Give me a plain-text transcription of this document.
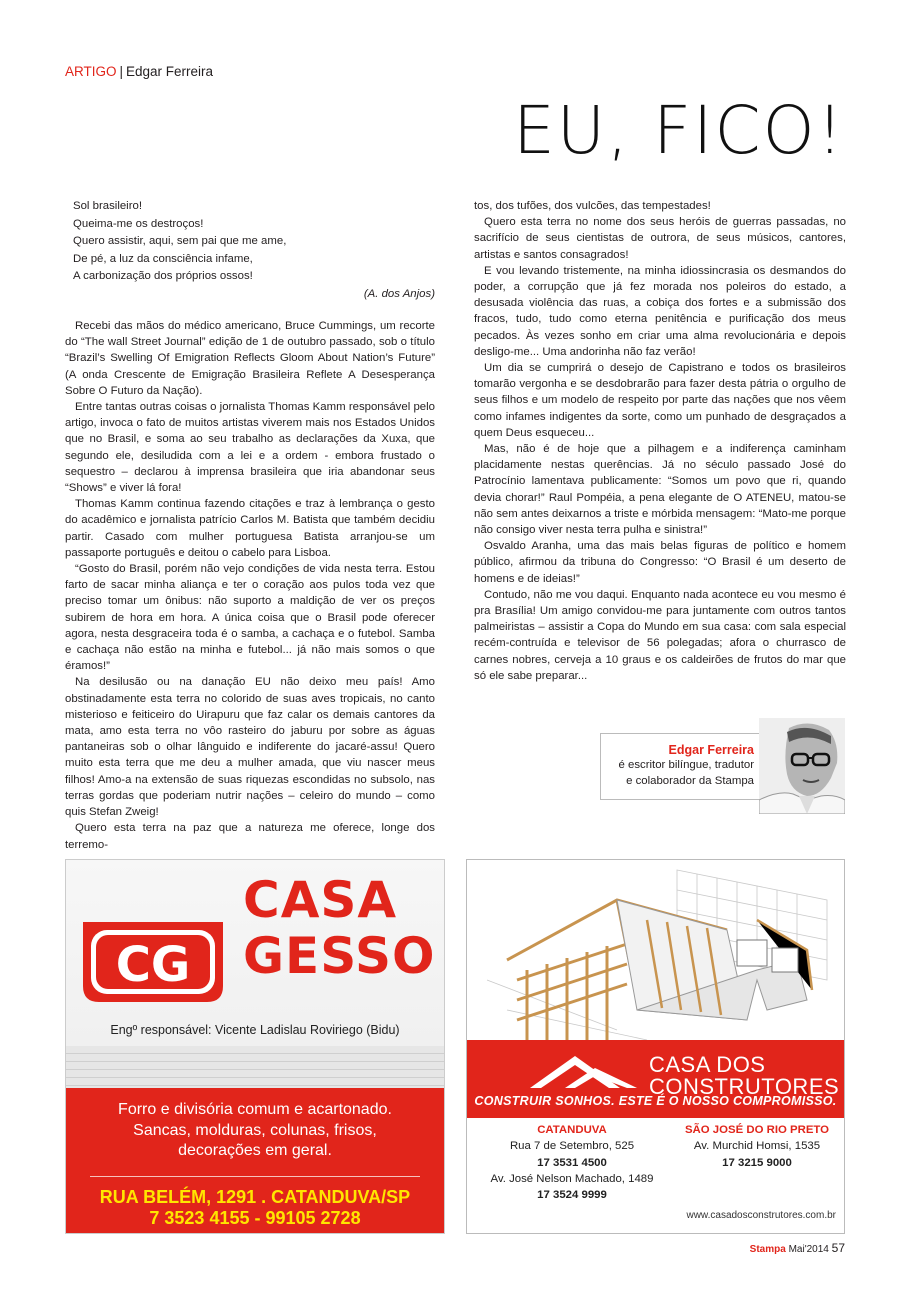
ARTIGO | Edgar Ferreira
EU, FICO!
Sol brasileiro!
Queima-me os destroços!
Quero assistir, aqui, sem pai que me ame,
De pé, a luz da consciência infame,
A carbonização dos próprios ossos!
(A. dos Anjos)

Recebi das mãos do médico americano, Bruce Cummings, um recorte do “The wall Street Journal” edição de 1 de outubro passado, sob o título “Brazil’s Swelling Of Emigration Reflects Gloom About Nation’s Future” (A onda Crescente de Emigração Brasileira Reflete A Desesperança Sobre O Futuro da Nação).

Entre tantas outras coisas o jornalista Thomas Kamm responsável pelo artigo, invoca o fato de muitos artistas viverem mais nos Estados Unidos que no Brasil, e soma ao seu trabalho as declarações da Xuxa, que segundo ele, desiludida com a lei e a ordem - embora frustado o sequestro – declarou à imprensa brasileira que iria abandonar seus “Shows” e viver lá fora!

Thomas Kamm continua fazendo citações e traz à lembrança o gesto do acadêmico e jornalista patrício Carlos M. Batista que também decidiu partir. Casado com mulher portuguesa Batista arranjou-se um passaporte português e deitou o cabelo para Lisboa.

“Gosto do Brasil, porém não vejo condições de vida nesta terra. Estou farto de sacar minha aliança e ter o coração aos pulos toda vez que preciso tomar um ônibus: não suporto a maldição de ver os preços subirem de hora em hora. A única coisa que o Brasil pode oferecer agora, nesta desgraceira toda é o samba, a cachaça e o futebol. Samba e cachaça não estão na minha e futebol... já não mais somos o que éramos!”

Na desilusão ou na danação EU não deixo meu país! Amo obstinadamente esta terra no colorido de suas aves tropicais, no canto misterioso e feiticeiro do Uirapuru que faz calar os demais cantores da mata, amo esta terra no vôo rasteiro do jaburu por sobre as águas pantaneiras sob o olhar lânguido e indiferente do jacaré-assu! Quero muito esta terra que me deu a mulher amada, que viu nascer meus filhos! Amo-a na extensão de suas riquezas escondidas no subsolo, nas terras gordas que poderiam nutrir nações – celeiro do mundo – como quis Stefan Zweig!

Quero esta terra na paz que a natureza me oferece, longe dos terremo-

tos, dos tufões, dos vulcões, das tempestades!

Quero esta terra no nome dos seus heróis de guerras passadas, no sacrifício de seus cientistas de outrora, de seus músicos, cantores, artistas e santos consagrados!

E vou levando tristemente, na minha idiossincrasia os desmandos do poder, a corrupção que já fez morada nos poleiros do estado, a desusada violência das ruas, a cobiça dos fortes e a submissão dos fracos, tudo, tudo como eterna penitência e purificação dos meus pecados. Às vezes sonho em criar uma alma revolucionária e depois desligo-me... Uma andorinha não faz verão!

Um dia se cumprirá o desejo de Capistrano e todos os brasileiros tomarão vergonha e se desdobrarão para fazer desta pátria o orgulho de seus filhos e um modelo de respeito por parte das nações que nos vêem como infames indigentes da sorte, como um punhado de desgraçados a quem Deus esqueceu...

Mas, não é de hoje que a pilhagem e a indiferença caminham placidamente nestas querências. Já no século passado José do Patrocínio lamentava publicamente: “Somos um povo que ri, quando devia chorar!” Raul Pompéia, a pena elegante de O ATENEU, matou-se não sem antes deixarnos a triste e mórbida mensagem: “Mato-me porque não consigo viver nesta terra pulha e sinistra!”

Osvaldo Aranha, uma das mais belas figuras de político e homem público, afirmou da tribuna do Congresso: “O Brasil é um deserto de homens e de ideias!”

Contudo, não me vou daqui. Enquanto nada acontece eu vou mesmo é pra Brasília! Um amigo convidou-me para juntamente com outros tantos palmeiristas – assistir a Copa do Mundo em sua casa: com sala especial recém-contruída e televisor de 56 polegadas; afora o churrasco de carnes nobres, cerveja a 10 graus e os caldeirões de frutos do mar que só ele sabe preparar...

Edgar Ferreira
é escritor bilíngue, tradutor
e colaborador da Stampa
CG
CASA
GESSO
Engº responsável: Vicente Ladislau Roviriego (Bidu)
Forro e divisória comum e acartonado.
Sancas, molduras, colunas, frisos,
decorações em geral.
RUA BELÉM, 1291 . CATANDUVA/SP
7 3523 4155 - 99105 2728
CASA DOS
CONSTRUTORES
CONSTRUIR SONHOS. ESTE É O NOSSO COMPROMISSO.
CATANDUVA
Rua 7 de Setembro, 525
17 3531 4500
Av. José Nelson Machado, 1489
17 3524 9999
SÃO JOSÉ DO RIO PRETO
Av. Murchid Homsi, 1535
17 3215 9000
www.casadosconstrutores.com.br
Stampa Mai'2014 57
